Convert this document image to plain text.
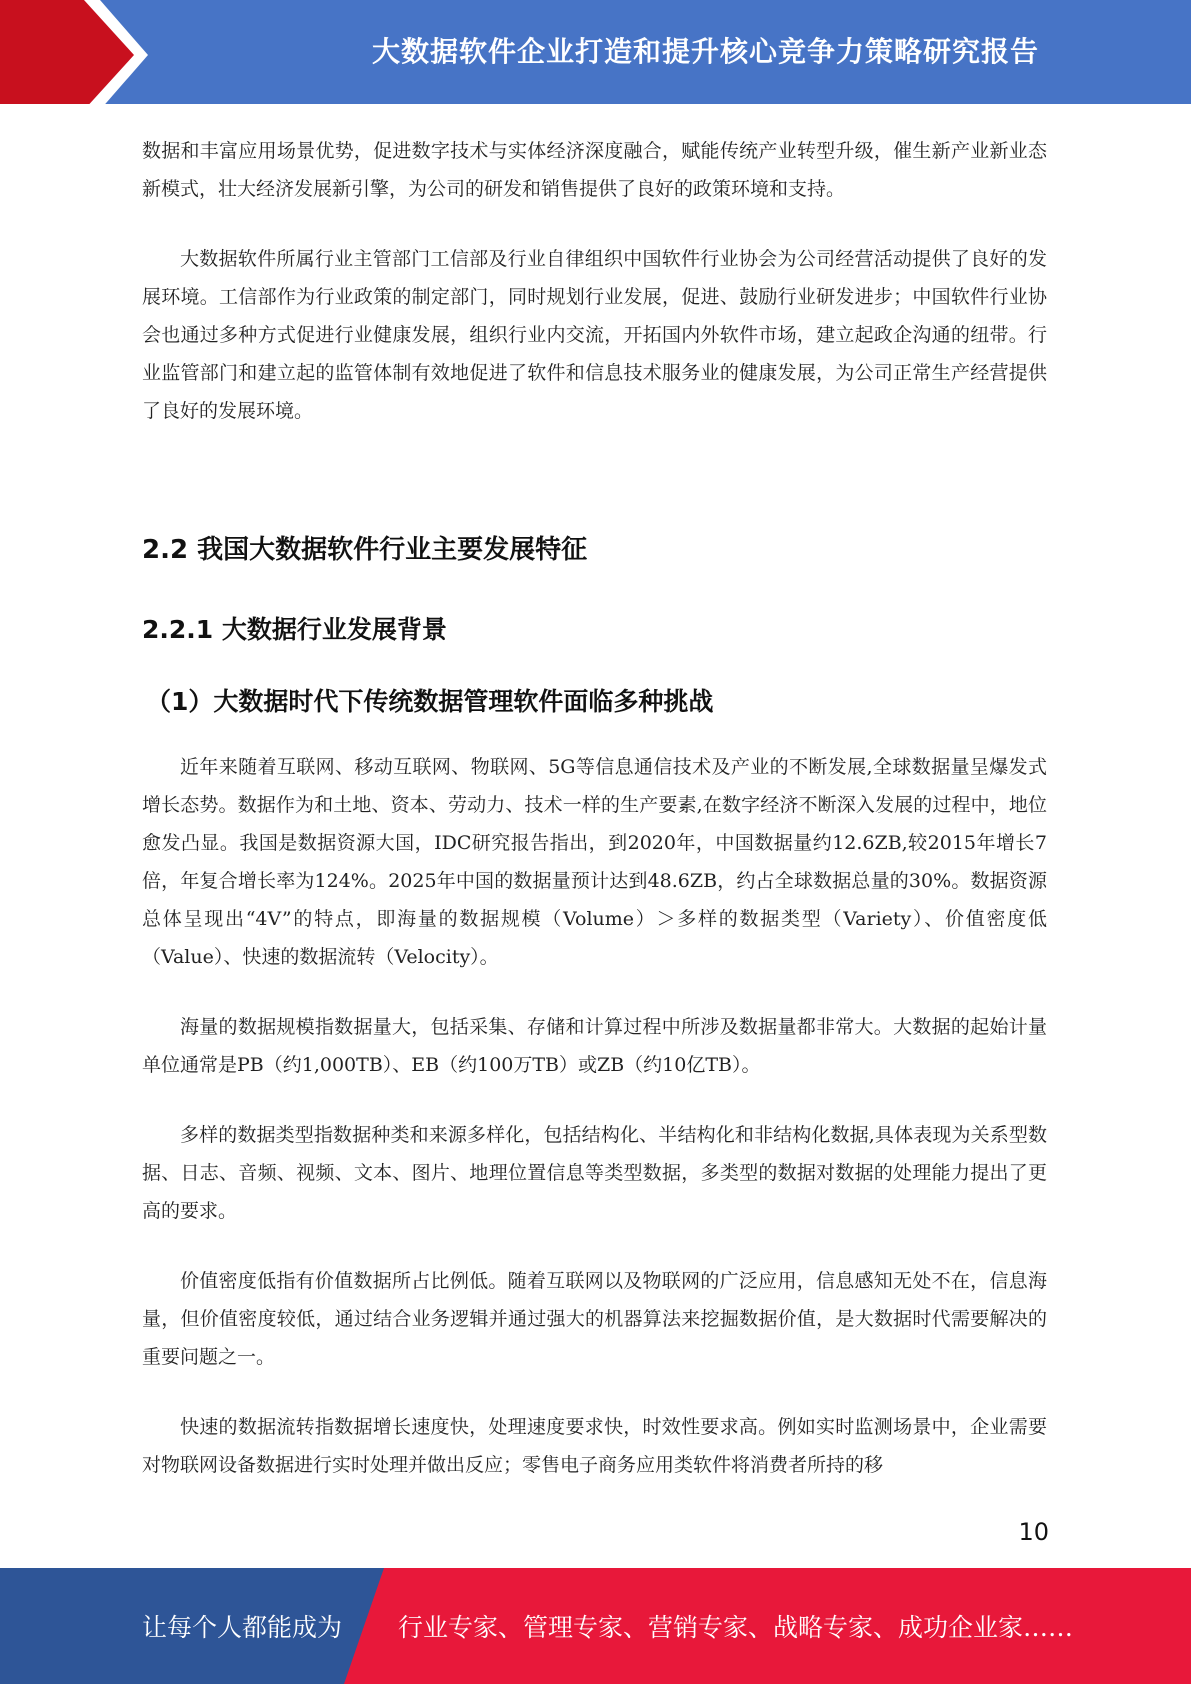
大数据软件企业打造和提升核心竞争力策略研究报告

数据和丰富应用场景优势，促进数字技术与实体经济深度融合，赋能传统产业转型升级，催生新产业新业态新模式，壮大经济发展新引擎，为公司的研发和销售提供了良好的政策环境和支持。

大数据软件所属行业主管部门工信部及行业自律组织中国软件行业协会为公司经营活动提供了良好的发展环境。工信部作为行业政策的制定部门，同时规划行业发展，促进、鼓励行业研发进步；中国软件行业协会也通过多种方式促进行业健康发展，组织行业内交流，开拓国内外软件市场，建立起政企沟通的纽带。行业监管部门和建立起的监管体制有效地促进了软件和信息技术服务业的健康发展，为公司正常生产经营提供了良好的发展环境。

2.2 我国大数据软件行业主要发展特征
2.2.1 大数据行业发展背景
（1）大数据时代下传统数据管理软件面临多种挑战

近年来随着互联网、移动互联网、物联网、5G等信息通信技术及产业的不断发展,全球数据量呈爆发式增长态势。数据作为和土地、资本、劳动力、技术一样的生产要素,在数字经济不断深入发展的过程中，地位愈发凸显。我国是数据资源大国，IDC研究报告指出，到2020年，中国数据量约12.6ZB,较2015年增长7倍，年复合增长率为124%。2025年中国的数据量预计达到48.6ZB，约占全球数据总量的30%。数据资源总体呈现出“4V”的特点，即海量的数据规模（Volume）＞多样的数据类型（Variety）、价值密度低（Value）、快速的数据流转（Velocity）。

海量的数据规模指数据量大，包括采集、存储和计算过程中所涉及数据量都非常大。大数据的起始计量单位通常是PB（约1,000TB）、EB（约100万TB）或ZB（约10亿TB）。

多样的数据类型指数据种类和来源多样化，包括结构化、半结构化和非结构化数据,具体表现为关系型数据、日志、音频、视频、文本、图片、地理位置信息等类型数据，多类型的数据对数据的处理能力提出了更高的要求。

价值密度低指有价值数据所占比例低。随着互联网以及物联网的广泛应用，信息感知无处不在，信息海量，但价值密度较低，通过结合业务逻辑并通过强大的机器算法来挖掘数据价值，是大数据时代需要解决的重要问题之一。

快速的数据流转指数据增长速度快，处理速度要求快，时效性要求高。例如实时监测场景中，企业需要对物联网设备数据进行实时处理并做出反应；零售电子商务应用类软件将消费者所持的移

10
让每个人都能成为 行业专家、管理专家、营销专家、战略专家、成功企业家……
